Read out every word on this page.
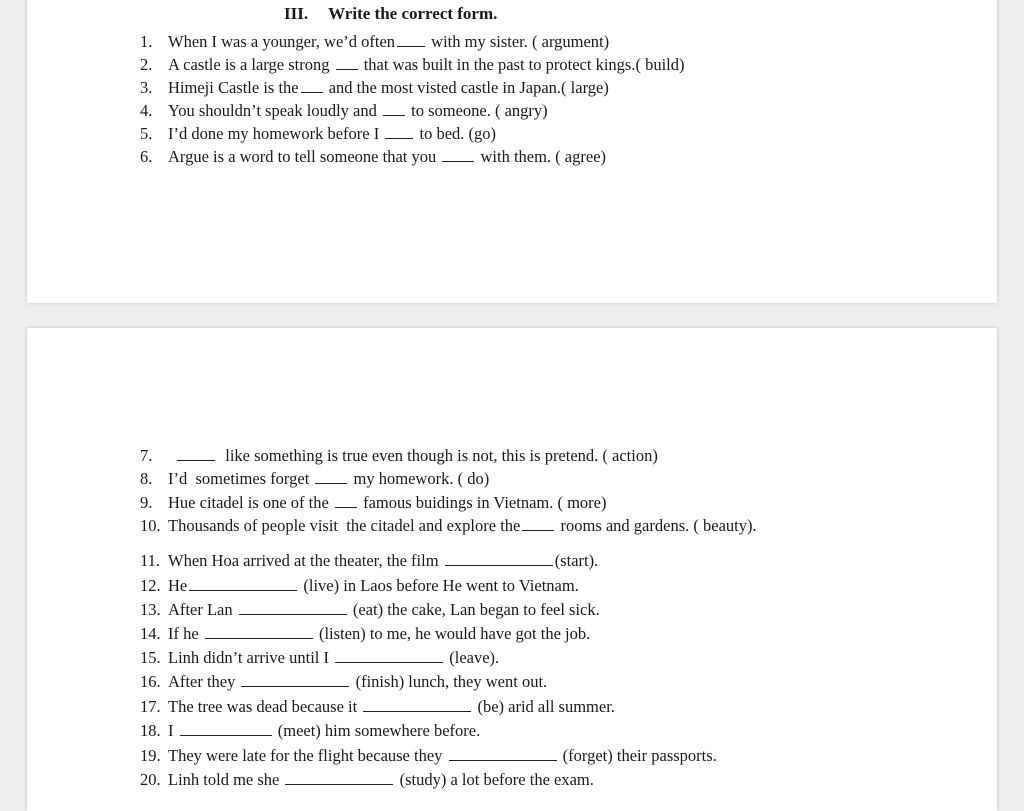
III. Write the correct form.
1. When I was a younger, we’d often with my sister. ( argument)
2. A castle is a large strong that was built in the past to protect kings.( build)
3. Himeji Castle is the and the most visted castle in Japan.( large)
4. You shouldn’t speak loudly and to someone. ( angry)
5. I’d done my homework before I to bed. (go)
6. Argue is a word to tell someone that you	with them. ( agree)
7.	like something is true even though is not, this is pretend. ( action)
8. I’d  sometimes forget	my homework. ( do)
9. Hue citadel is one of the famous buidings in Vietnam. ( more)
10. Thousands of people visit  the citadel and explore the rooms and gardens. ( beauty).
11. When Hoa arrived at the theater, the film	(start).
12. He	(live) in Laos before He went to Vietnam.
13. After Lan	(eat) the cake, Lan began to feel sick.
14. If he	(listen) to me, he would have got the job.
15. Linh didn’t arrive until I	(leave).
16. After they	(finish) lunch, they went out.
17. The tree was dead because it	(be) arid all summer.
18. I	(meet) him somewhere before.
19. They were late for the flight because they	(forget) their passports.
20. Linh told me she	(study) a lot before the exam.
